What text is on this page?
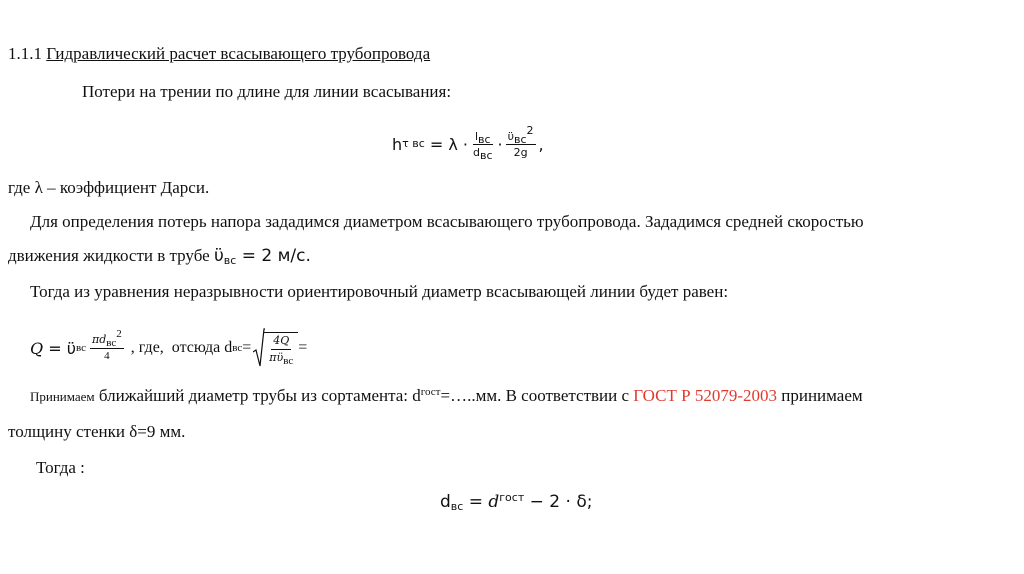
1.1.1 Гидравлический расчет всасывающего трубопровода
Потери на трении по длине для линии всасывания:
h τ вс = $\lambda \cdot \frac{l_{вс}}{d_{вс}} \cdot \frac{ϋ_{вс}^2}{2g}$ ,
где λ – коэффициент Дарси.
Для определения потерь напора зададимся диаметром всасывающего трубопровода. Зададимся средней скоростью
движения жидкости в трубе $ϋ_{вс} = 2$ м/с.
Тогда из уравнения неразрывности ориентировочный диаметр всасывающей линии будет равен:
Q = ϋ вс $\frac{\pi d_{вс}^2}{4}$ , где,  отсюда d вс = $\frac{4Q}{\pi ϋ_{вс}}$ =
Принимаем ближайший диаметр трубы из сортамента: $d^{гост}=\dots..мм$. В соответствии с ГОСТ Р 52079-2003 принимаем
толщину стенки δ=9 мм.
Тогда :
$d_{вс} = d^{гост} - 2 \cdot \delta$;
